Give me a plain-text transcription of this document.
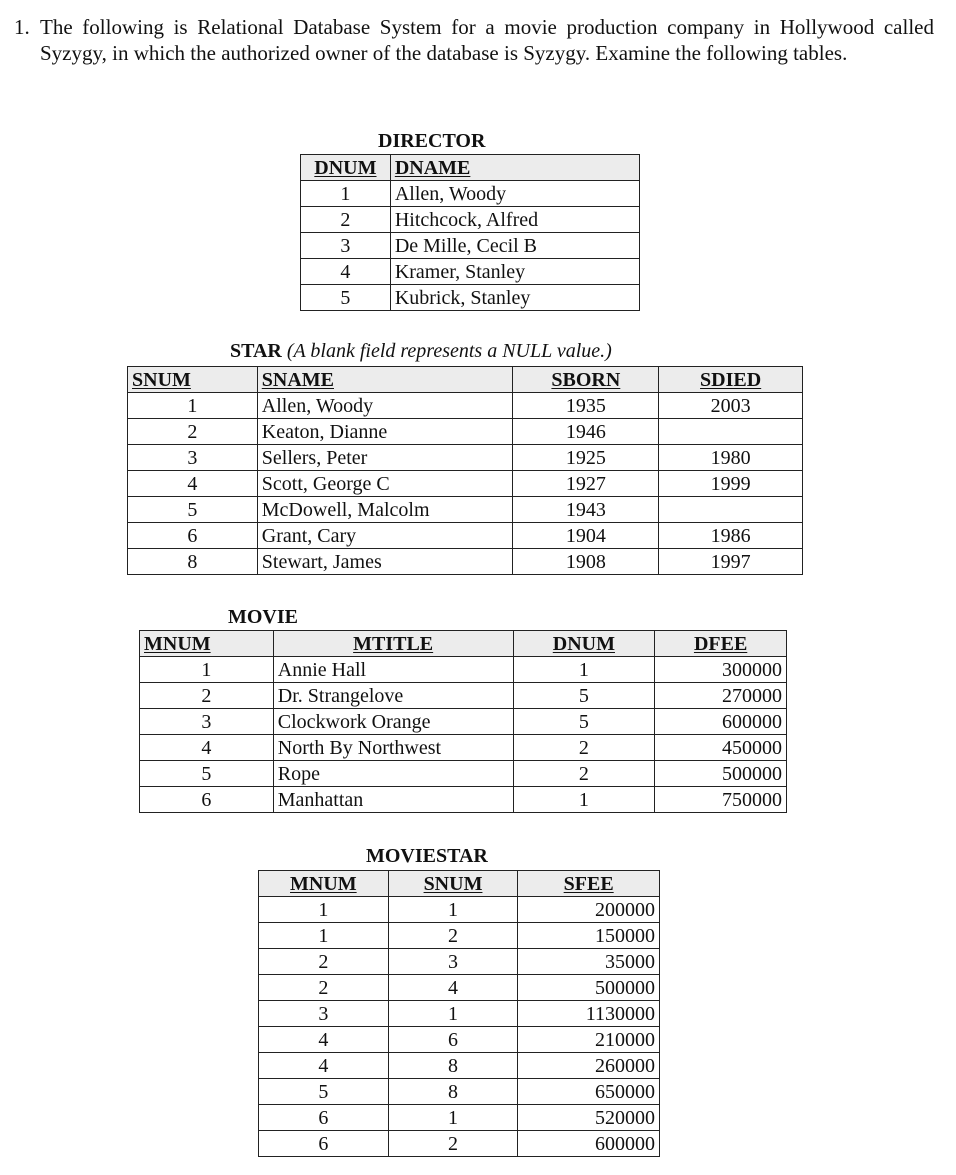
1. The following is Relational Database System for a movie production company in Hollywood called Syzygy, in which the authorized owner of the database is Syzygy. Examine the following tables.
DIRECTOR
DNUM	DNAME
1	Allen, Woody
2	Hitchcock, Alfred
3	De Mille, Cecil B
4	Kramer, Stanley
5	Kubrick, Stanley
STAR (A blank field represents a NULL value.)
SNUM	SNAME	SBORN	SDIED
1	Allen, Woody	1935	2003
2	Keaton, Dianne	1946	
3	Sellers, Peter	1925	1980
4	Scott, George C	1927	1999
5	McDowell, Malcolm	1943	
6	Grant, Cary	1904	1986
8	Stewart, James	1908	1997
MOVIE
MNUM	MTITLE	DNUM	DFEE
1	Annie Hall	1	300000
2	Dr. Strangelove	5	270000
3	Clockwork Orange	5	600000
4	North By Northwest	2	450000
5	Rope	2	500000
6	Manhattan	1	750000
MOVIESTAR
MNUM	SNUM	SFEE
1	1	200000
1	2	150000
2	3	35000
2	4	500000
3	1	1130000
4	6	210000
4	8	260000
5	8	650000
6	1	520000
6	2	600000
